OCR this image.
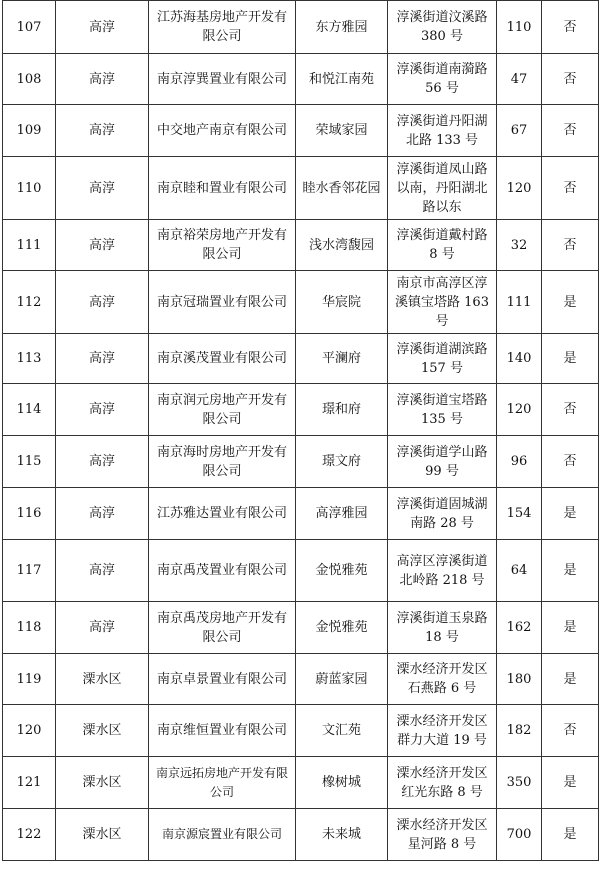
107	高淳	江苏海基房地产开发有限公司	东方雅园	淳溪街道汶溪路 380 号	110	否
108	高淳	南京淳巽置业有限公司	和悦江南苑	淳溪街道南漪路 56 号	47	否
109	高淳	中交地产南京有限公司	荣域家园	淳溪街道丹阳湖北路 133 号	67	否
110	高淳	南京睦和置业有限公司	睦水香邻花园	淳溪街道凤山路以南，丹阳湖北路以东	120	否
111	高淳	南京裕荣房地产开发有限公司	浅水湾馥园	淳溪街道戴村路 8 号	32	否
112	高淳	南京冠瑞置业有限公司	华宸院	南京市高淳区淳溪镇宝塔路 163 号	111	是
113	高淳	南京溪茂置业有限公司	平澜府	淳溪街道湖滨路 157 号	140	是
114	高淳	南京润元房地产开发有限公司	璟和府	淳溪街道宝塔路 135 号	120	否
115	高淳	南京海时房地产开发有限公司	璟文府	淳溪街道学山路 99 号	96	否
116	高淳	江苏雅达置业有限公司	高淳雅园	淳溪街道固城湖南路 28 号	154	是
117	高淳	南京禹茂置业有限公司	金悦雅苑	高淳区淳溪街道北岭路 218 号	64	是
118	高淳	南京禹茂房地产开发有限公司	金悦雅苑	淳溪街道玉泉路 18 号	162	是
119	溧水区	南京卓景置业有限公司	蔚蓝家园	溧水经济开发区石燕路 6 号	180	是
120	溧水区	南京维恒置业有限公司	文汇苑	溧水经济开发区群力大道 19 号	182	否
121	溧水区	南京远拓房地产开发有限公司	橡树城	溧水经济开发区红光东路 8 号	350	是
122	溧水区	南京源宸置业有限公司	未来城	溧水经济开发区星河路 8 号	700	是
